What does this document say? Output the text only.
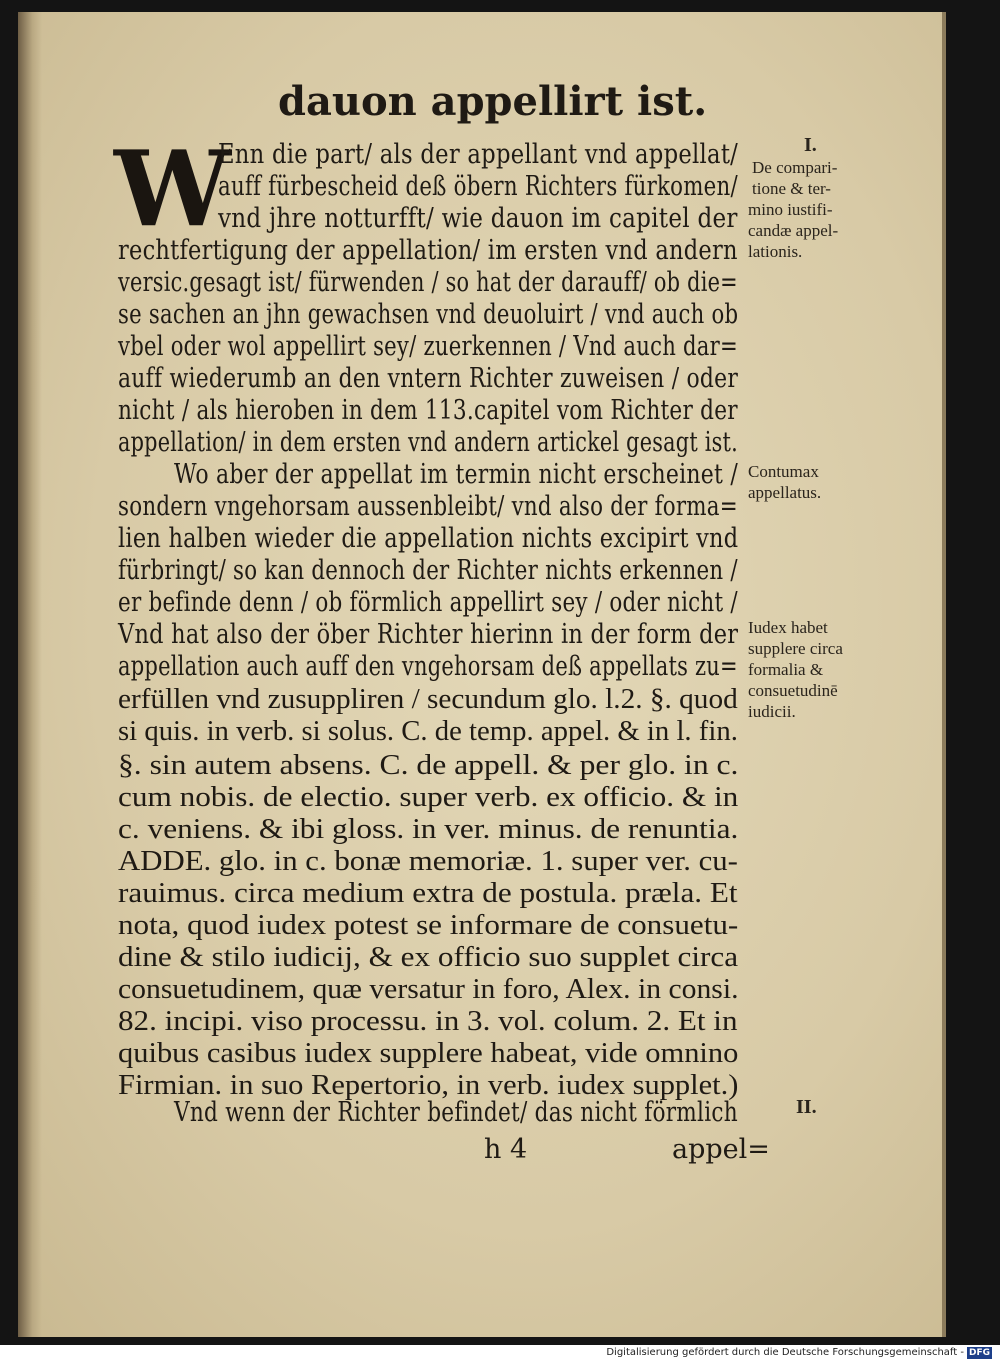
dauon appellirt ist.
W
Enn die part/ als der appellant vnd appellat/
auff fürbescheid deß öbern Richters fürkomen/
vnd jhre notturfft/ wie dauon im capitel der
rechtfertigung der appellation/ im ersten vnd andern
versic.gesagt ist/ fürwenden / so hat der darauff/ ob die=
se sachen an jhn gewachsen vnd deuoluirt / vnd auch ob
vbel oder wol appellirt sey/ zuerkennen / Vnd auch dar=
auff wiederumb an den vntern Richter zuweisen / oder
nicht / als hieroben in dem 113.capitel vom Richter der
appellation/ in dem ersten vnd andern artickel gesagt ist.
Wo aber der appellat im termin nicht erscheinet /
sondern vngehorsam aussenbleibt/ vnd also der forma=
lien halben wieder die appellation nichts excipirt vnd
fürbringt/ so kan dennoch der Richter nichts erkennen /
er befinde denn / ob förmlich appellirt sey / oder nicht /
Vnd hat also der öber Richter hierinn in der form der
appellation auch auff den vngehorsam deß appellats zu=
erfüllen vnd zusuppliren / secundum glo. l.2. §. quod
si quis. in verb. si solus. C. de temp. appel. & in l. fin.
§. sin autem absens. C. de appell. & per glo. in c.
cum nobis. de electio. super verb. ex officio. & in
c. veniens. & ibi gloss. in ver. minus. de renuntia.
ADDE. glo. in c. bonæ memoriæ. 1. super ver. cu-
rauimus. circa medium extra de postula. præla. Et
nota, quod iudex potest se informare de consuetu-
dine & stilo iudicij, & ex officio suo supplet circa
consuetudinem, quæ versatur in foro, Alex. in consi.
82. incipi. viso processu. in 3. vol. colum. 2. Et in
quibus casibus iudex supplere habeat, vide omnino
Firmian. in suo Repertorio, in verb. iudex supplet.)
Vnd wenn der Richter befindet/ das nicht förmlich
I.
De compari-
tione & ter-
mino iustifi-
candæ appel-
lationis.
Contumax
appellatus.
Iudex habet
supplere circa
formalia &
consuetudinē
iudicii.
II.
h 4	appel=
Digitalisierung gefördert durch die Deutsche Forschungsgemeinschaft - DFG
